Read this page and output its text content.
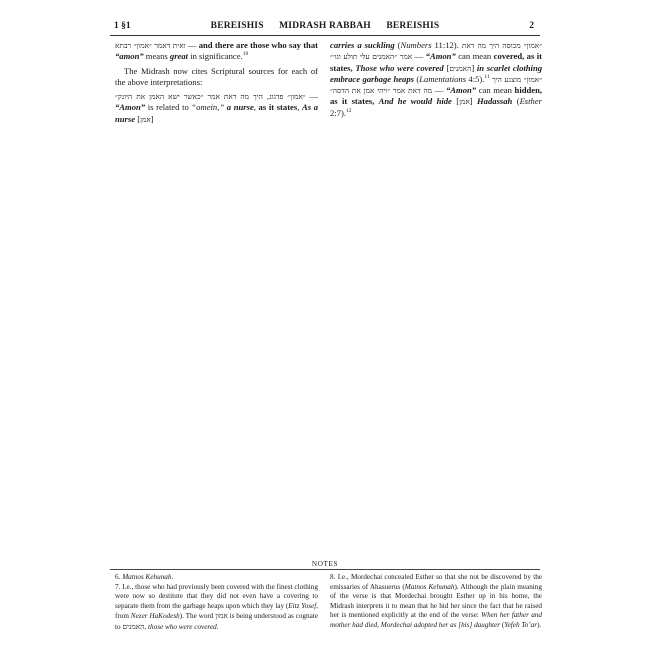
1 §1	BEREISHIS      MIDRASH RABBAH      BEREISHIS	2

ואית דאמר ״אמון״ רבתא — and there are those who say that “amon” means great in significance.$^{10}$

The Midrash now cites Scriptural sources for each of the above interpretations:

״אמון״ פדגוג, היך מה דאת אמר ״כאשר ישא האמן את היונק״ — “Amon” is related to “omein,” a nurse, as it states, As a nurse [אמן]

carries a suckling (Numbers 11:12). ״אמון״ מכוסה היך מה דאת אמר ״האמנים עלי תולע וגו׳״ — “Amon” can mean covered, as it states, Those who were covered [האמנים] in scarlet clothing embrace garbage heaps (Lamentations 4:5).$^{11}$ ״אמון״ מוצנע היך מה דאת אמר ״ויהי אמן את הדסה״ — “Amon” can mean hidden, as it states, And he would hide [אמן] Hadassah (Esther 2:7).$^{12}$

NOTES

6. Matnos Kehunah.

7. I.e., those who had previously been covered with the finest clothing were now so destitute that they did not even have a covering to separate them from the garbage heaps upon which they lay (Eitz Yosef, from Nezer HaKodesh). The word אמון is being understood as cognate to האמנים, those who were covered.

8. I.e., Mordechai concealed Esther so that she not be discovered by the emissaries of Ahasuerus (Matnos Kehunah). Although the plain meaning of the verse is that Mordechai brought Esther up in his home, the Midrash interprets it to mean that he hid her since the fact that he raised her is mentioned explicitly at the end of the verse: When her father and mother had died, Mordechai adopted her as [his] daughter (Yefeh To’ar).
